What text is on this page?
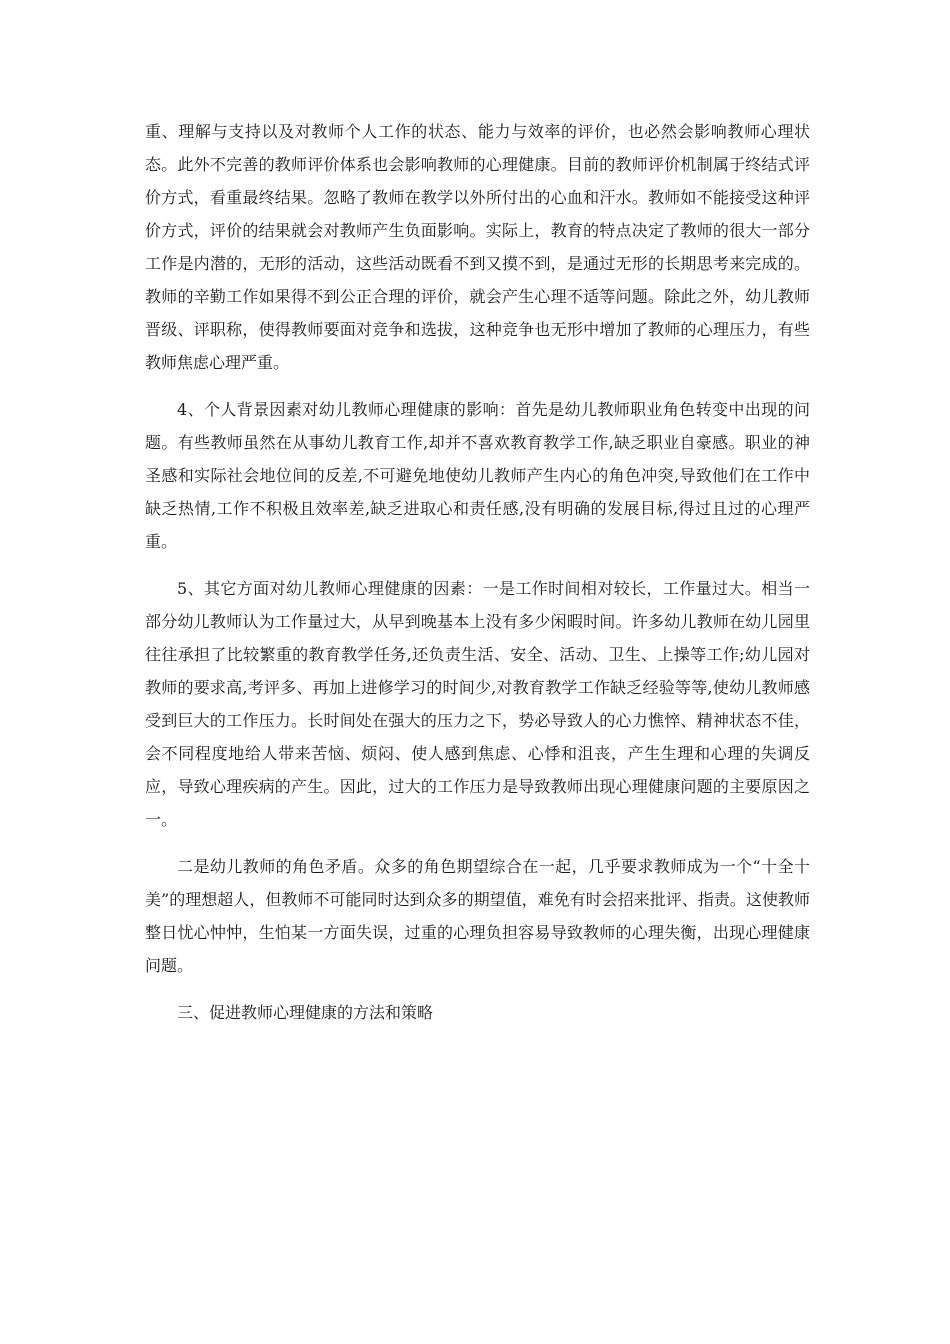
重、理解与支持以及对教师个人工作的状态、能力与效率的评价，也必然会影响教师心理状态。此外不完善的教师评价体系也会影响教师的心理健康。目前的教师评价机制属于终结式评价方式，看重最终结果。忽略了教师在教学以外所付出的心血和汗水。教师如不能接受这种评价方式，评价的结果就会对教师产生负面影响。实际上，教育的特点决定了教师的很大一部分工作是内潜的，无形的活动，这些活动既看不到又摸不到，是通过无形的长期思考来完成的。教师的辛勤工作如果得不到公正合理的评价，就会产生心理不适等问题。除此之外，幼儿教师晋级、评职称，使得教师要面对竞争和选拔，这种竞争也无形中增加了教师的心理压力，有些教师焦虑心理严重。

4、个人背景因素对幼儿教师心理健康的影响：首先是幼儿教师职业角色转变中出现的问题。有些教师虽然在从事幼儿教育工作,却并不喜欢教育教学工作,缺乏职业自豪感。职业的神圣感和实际社会地位间的反差,不可避免地使幼儿教师产生内心的角色冲突,导致他们在工作中缺乏热情,工作不积极且效率差,缺乏进取心和责任感,没有明确的发展目标,得过且过的心理严重。

5、其它方面对幼儿教师心理健康的因素：一是工作时间相对较长，工作量过大。相当一部分幼儿教师认为工作量过大，从早到晚基本上没有多少闲暇时间。许多幼儿教师在幼儿园里往往承担了比较繁重的教育教学任务,还负责生活、安全、活动、卫生、上操等工作;幼儿园对教师的要求高,考评多、再加上进修学习的时间少,对教育教学工作缺乏经验等等,使幼儿教师感受到巨大的工作压力。长时间处在强大的压力之下，势必导致人的心力憔悴、精神状态不佳，会不同程度地给人带来苦恼、烦闷、使人感到焦虑、心悸和沮丧，产生生理和心理的失调反应，导致心理疾病的产生。因此，过大的工作压力是导致教师出现心理健康问题的主要原因之一。

二是幼儿教师的角色矛盾。众多的角色期望综合在一起，几乎要求教师成为一个“十全十美”的理想超人，但教师不可能同时达到众多的期望值，难免有时会招来批评、指责。这使教师整日忧心忡忡，生怕某一方面失误，过重的心理负担容易导致教师的心理失衡，出现心理健康问题。

三、促进教师心理健康的方法和策略
